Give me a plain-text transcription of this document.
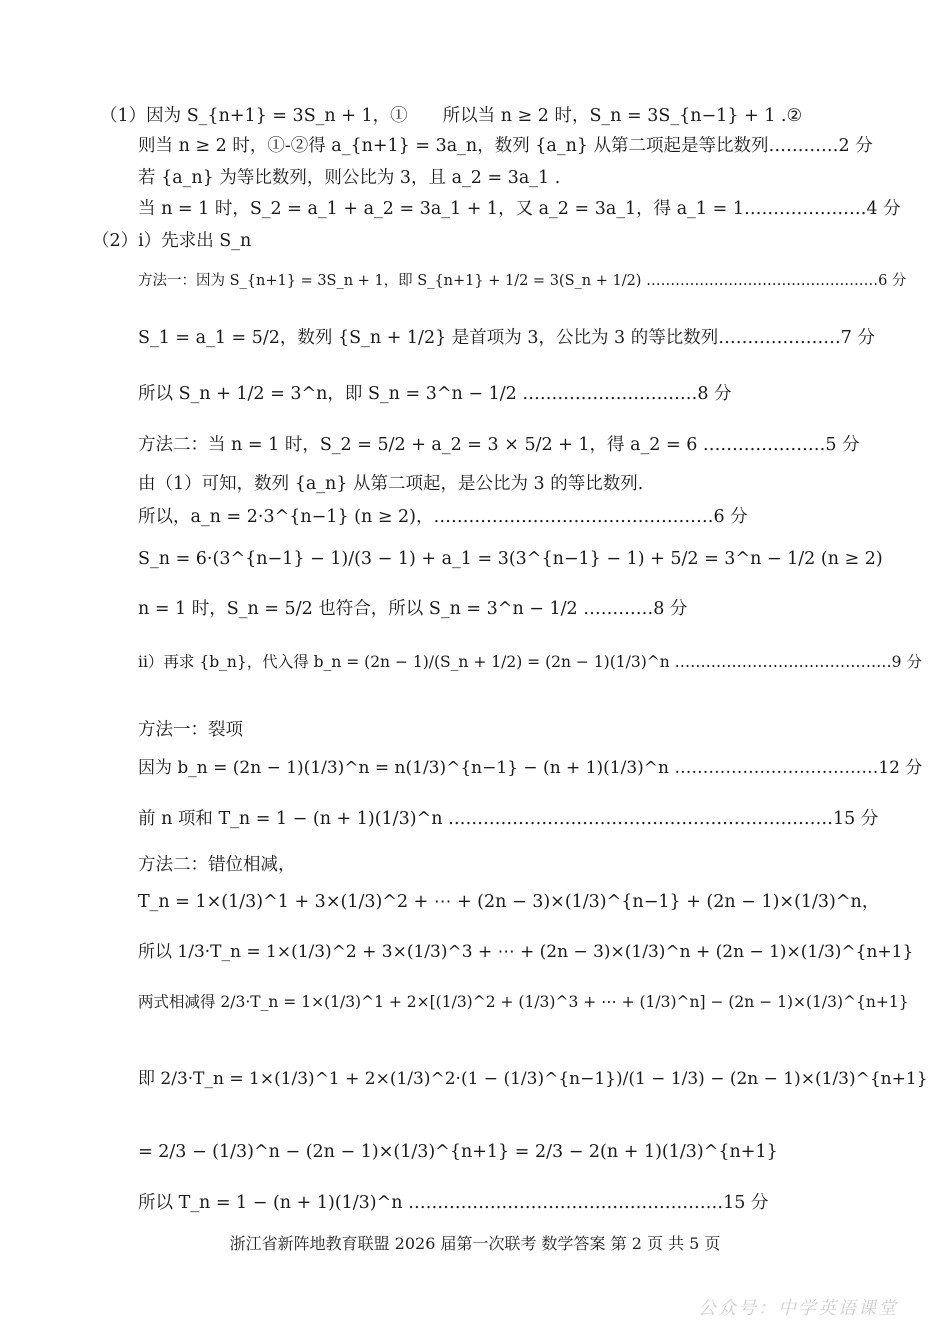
（1）因为 S_{n+1} = 3S_n + 1，①　　所以当 n ≥ 2 时，S_n = 3S_{n−1} + 1 .②
则当 n ≥ 2 时，①-②得 a_{n+1} = 3a_n，数列 {a_n} 从第二项起是等比数列…………2 分
若 {a_n} 为等比数列，则公比为 3，且 a_2 = 3a_1 .
当 n = 1 时，S_2 = a_1 + a_2 = 3a_1 + 1，又 a_2 = 3a_1，得 a_1 = 1…………………4 分
（2）i）先求出 S_n
方法一：因为 S_{n+1} = 3S_n + 1，即 S_{n+1} + 1/2 = 3(S_n + 1/2) …………………………………………6 分
S_1 = a_1 = 5/2，数列 {S_n + 1/2} 是首项为 3，公比为 3 的等比数列…………………7 分
所以 S_n + 1/2 = 3^n，即 S_n = 3^n − 1/2 …………………………8 分
方法二：当 n = 1 时，S_2 = 5/2 + a_2 = 3 × 5/2 + 1，得 a_2 = 6 …………………5 分
由（1）可知，数列 {a_n} 从第二项起，是公比为 3 的等比数列.
所以，a_n = 2·3^{n−1} (n ≥ 2)，…………………………………………6 分
S_n = 6·(3^{n−1} − 1)/(3 − 1) + a_1 = 3(3^{n−1} − 1) + 5/2 = 3^n − 1/2 (n ≥ 2)
n = 1 时，S_n = 5/2 也符合，所以 S_n = 3^n − 1/2 …………8 分
ii）再求 {b_n}，代入得 b_n = (2n − 1)/(S_n + 1/2) = (2n − 1)(1/3)^n ……………………………………9 分
方法一：裂项
因为 b_n = (2n − 1)(1/3)^n = n(1/3)^{n−1} − (n + 1)(1/3)^n ………………………………12 分
前 n 项和 T_n = 1 − (n + 1)(1/3)^n …………………………………………………………15 分
方法二：错位相减，
T_n = 1×(1/3)^1 + 3×(1/3)^2 + ⋯ + (2n − 3)×(1/3)^{n−1} + (2n − 1)×(1/3)^n，
所以 1/3·T_n = 1×(1/3)^2 + 3×(1/3)^3 + ⋯ + (2n − 3)×(1/3)^n + (2n − 1)×(1/3)^{n+1}
两式相减得 2/3·T_n = 1×(1/3)^1 + 2×[(1/3)^2 + (1/3)^3 + ⋯ + (1/3)^n] − (2n − 1)×(1/3)^{n+1}
即 2/3·T_n = 1×(1/3)^1 + 2×(1/3)^2·(1 − (1/3)^{n−1})/(1 − 1/3) − (2n − 1)×(1/3)^{n+1}
= 2/3 − (1/3)^n − (2n − 1)×(1/3)^{n+1} = 2/3 − 2(n + 1)(1/3)^{n+1}
所以 T_n = 1 − (n + 1)(1/3)^n ………………………………………………15 分
浙江省新阵地教育联盟 2026 届第一次联考 数学答案 第 2 页 共 5 页
公众号：中学英语课堂
